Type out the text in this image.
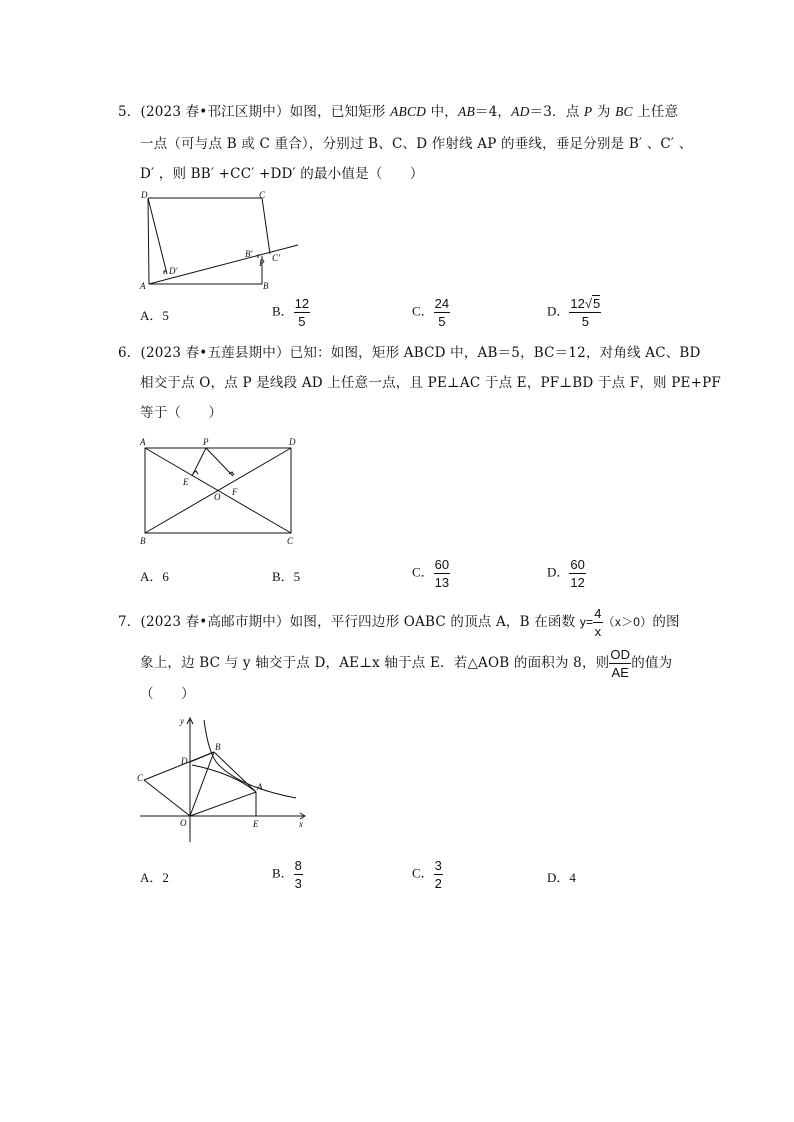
5．(2023 春•邗江区期中）如图，已知矩形 ABCD 中，AB＝4，AD＝3．点 P 为 BC 上任意
一点（可与点 B 或 C 重合），分别过 B、C、D 作射线 AP 的垂线，垂足分别是 B′ 、C′ 、
D′ ，则 BB′ +CC′ +DD′ 的最小值是（　　）
D	C
A	B
D′
B′
P C′
A．5	B． $\frac{12}{5}$	C． $\frac{24}{5}$	D． $\frac{12√5}{5}$
6．(2023 春•五莲县期中）已知：如图，矩形 ABCD 中，AB＝5，BC＝12，对角线 AC、BD
相交于点 O，点 P 是线段 AD 上任意一点，且 PE⊥AC 于点 E，PF⊥BD 于点 F，则 PE+PF
等于（　　）
A	P	D
E
O F
B	C
A．6	B．5	C． $\frac{60}{13}$	D． $\frac{60}{12}$
7．(2023 春•高邮市期中）如图，平行四边形 OABC 的顶点 A，B 在函数 $y= \frac{4}{x} (x>0)$的图
象上，边 BC 与 y 轴交于点 D，AE⊥x 轴于点 E．若△AOB 的面积为 8，则 $\frac{OD}{AE}$ 的值为
（　　）
y
x
B
D
C
A
O	E
A．2	B． $\frac{8}{3}$	C． $\frac{3}{2}$	D．4
